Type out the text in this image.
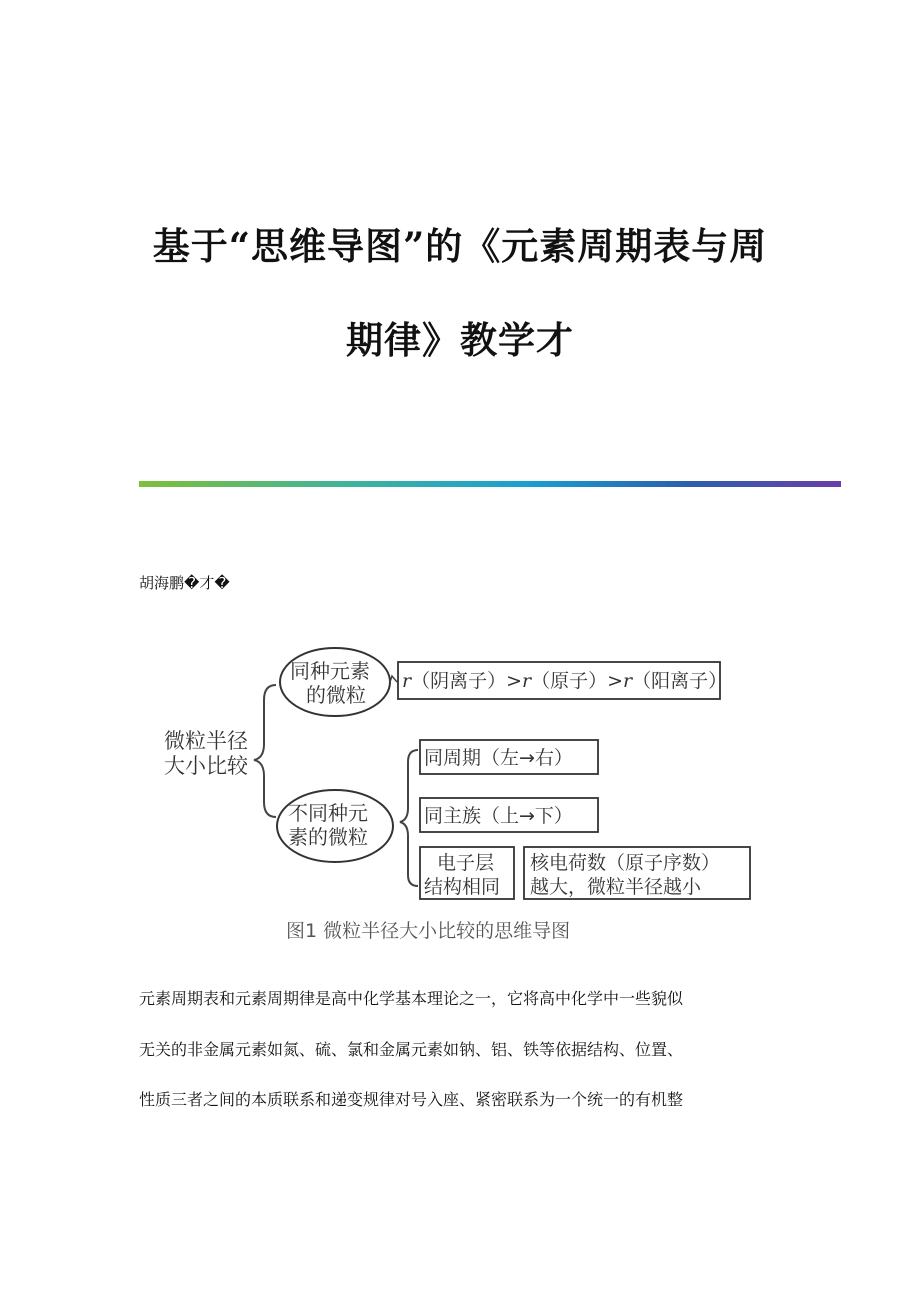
基于“思维导图”的《元素周期表与周
期律》教学才
胡海鹏�才�
微粒半径
大小比较
同种元素
的微粒
r（阴离子）>r（原子）>r（阳离子）
不同种元
素的微粒
同周期（左→右）
同主族（上→下）
电子层
结构相同
核电荷数（原子序数）
越大，微粒半径越小
图1 微粒半径大小比较的思维导图
元素周期表和元素周期律是高中化学基本理论之一，它将高中化学中一些貌似
无关的非金属元素如氮、硫、氯和金属元素如钠、铝、铁等依据结构、位置、
性质三者之间的本质联系和递变规律对号入座、紧密联系为一个统一的有机整
